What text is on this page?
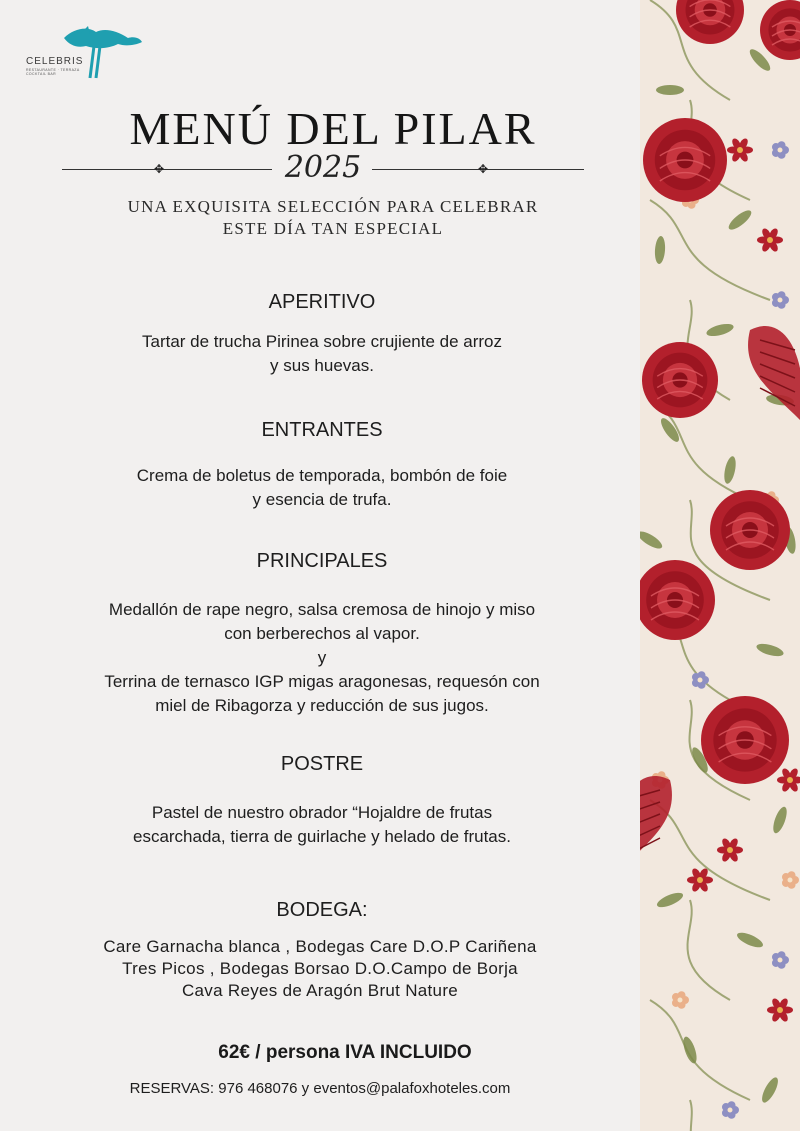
CELEBRIS
RESTAURANTE · TERRAZA COCKTAIL BAR
MENÚ DEL PILAR
✥	✥
2025
UNA EXQUISITA SELECCIÓN PARA CELEBRAR
ESTE DÍA TAN ESPECIAL
APERITIVO
Tartar de trucha Pirinea sobre crujiente de arroz
y sus huevas.
ENTRANTES
Crema de boletus de temporada, bombón de foie
y esencia de trufa.
PRINCIPALES
Medallón de rape negro, salsa cremosa de hinojo y miso
con berberechos al vapor.
y
Terrina de ternasco IGP migas aragonesas, requesón con
miel de Ribagorza y reducción de sus jugos.
POSTRE
Pastel de nuestro obrador “Hojaldre de frutas
escarchada, tierra de guirlache y helado de frutas.
BODEGA:
Care Garnacha blanca , Bodegas Care D.O.P Cariñena
Tres Picos , Bodegas Borsao D.O.Campo de Borja
Cava Reyes de Aragón Brut Nature
62€ / persona IVA INCLUIDO
RESERVAS: 976 468076 y eventos@palafoxhoteles.com
